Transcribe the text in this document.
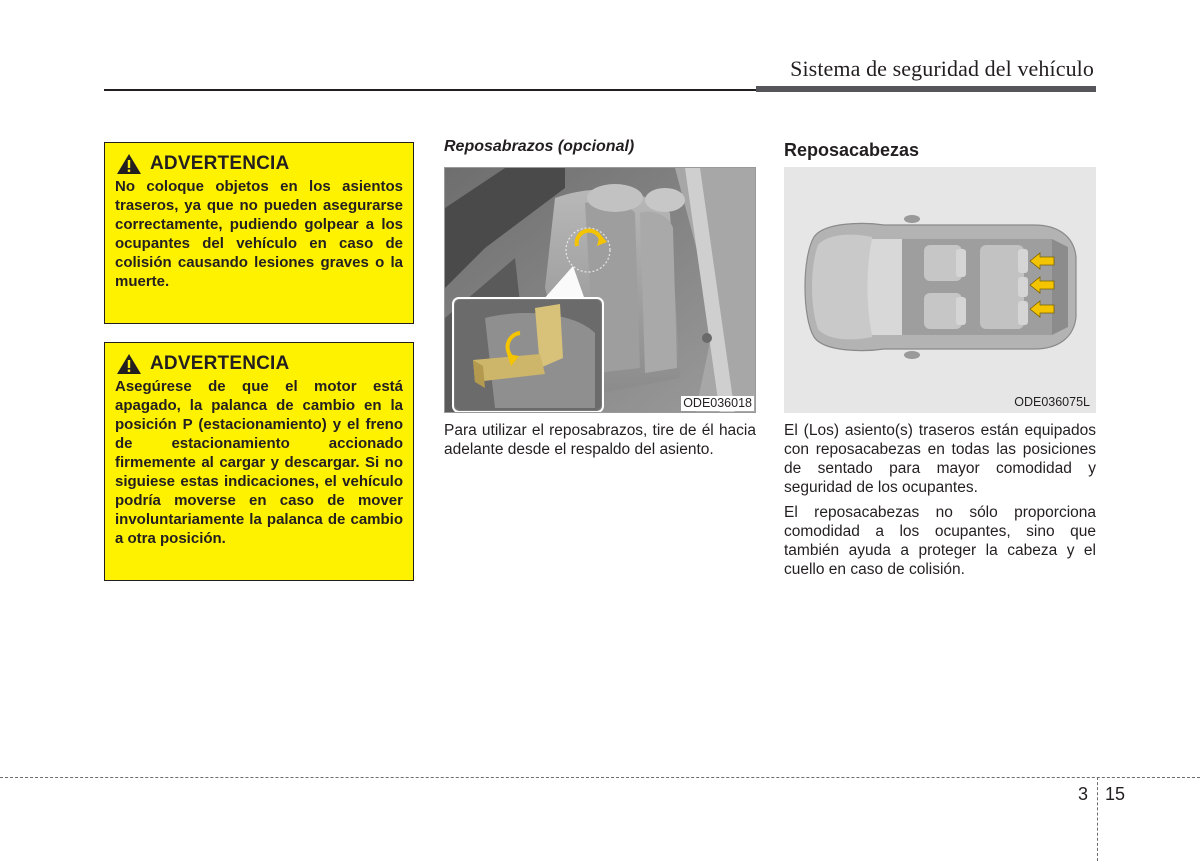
Sistema de seguridad del vehículo
ADVERTENCIA
No coloque objetos en los asientos traseros, ya que no pueden asegurarse correctamente, pudiendo golpear a los ocupantes del vehículo en caso de colisión causando lesiones graves o la muerte.
ADVERTENCIA
Asegúrese de que el motor está apagado, la palanca de cambio en la posición P (estacionamiento) y el freno de estacionamiento accionado firmemente al cargar y descargar. Si no siguiese estas indicaciones, el vehículo podría moverse en caso de mover involuntariamente la palanca de cambio a otra posición.
Reposabrazos (opcional)
ODE036018
Para utilizar el reposabrazos, tire de él hacia adelante desde el respaldo del asiento.
Reposacabezas
ODE036075L

El (Los) asiento(s) traseros están equipados con reposacabezas en todas las posiciones de sentado para mayor comodidad y seguridad de los ocupantes.

El reposacabezas no sólo proporciona comodidad a los ocupantes, sino que también ayuda a proteger la cabeza y el cuello en caso de colisión.

3 15
